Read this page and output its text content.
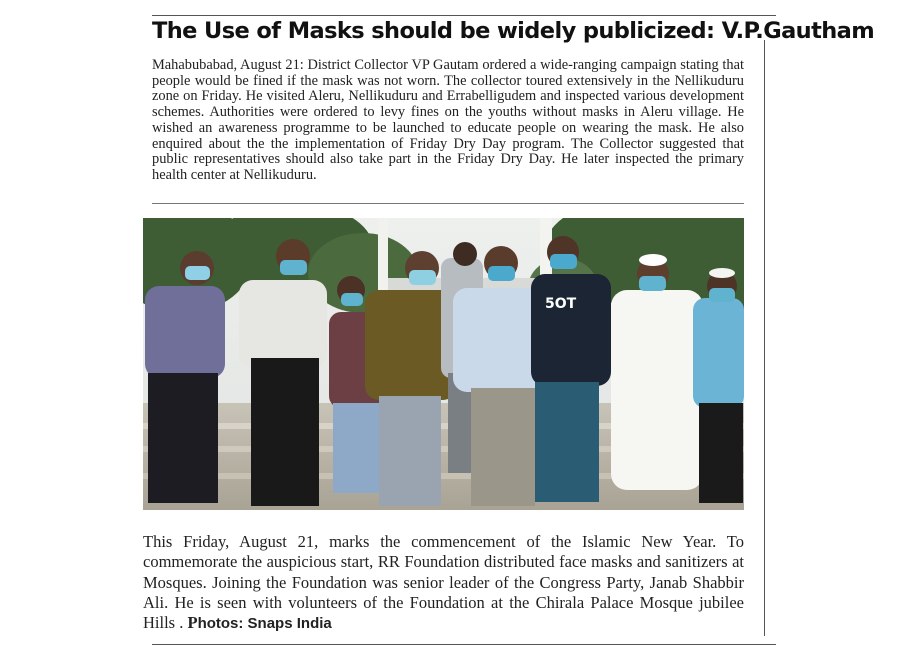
The Use of Masks should be widely publicized: V.P.Gautham

Mahabubabad, August 21: District Collector VP Gautam ordered a wide-ranging campaign stating that people would be fined if the mask was not worn. The collector toured extensively in the Nellikuduru zone on Friday. He visited Aleru, Nellikuduru and Errabelligudem and inspected various development schemes. Authorities were ordered to levy fines on the youths without masks in Aleru village. He wished an awareness programme to be launched to educate people on wearing the mask. He also enquired about the the implementation of Friday Dry Day program. The Collector suggested that public representatives should also take part in the Friday Dry Day. He later inspected the primary health center at Nellikuduru.

5OT

This Friday, August 21, marks the commencement of the Islamic New Year. To commemorate the auspicious start, RR Foundation distributed face masks and sanitizers at Mosques. Joining the Foundation was senior leader of the Congress Party, Janab Shabbir Ali. He is seen with volunteers of the Foundation at the Chirala Palace Mosque jubilee Hills . Photos: Snaps India
